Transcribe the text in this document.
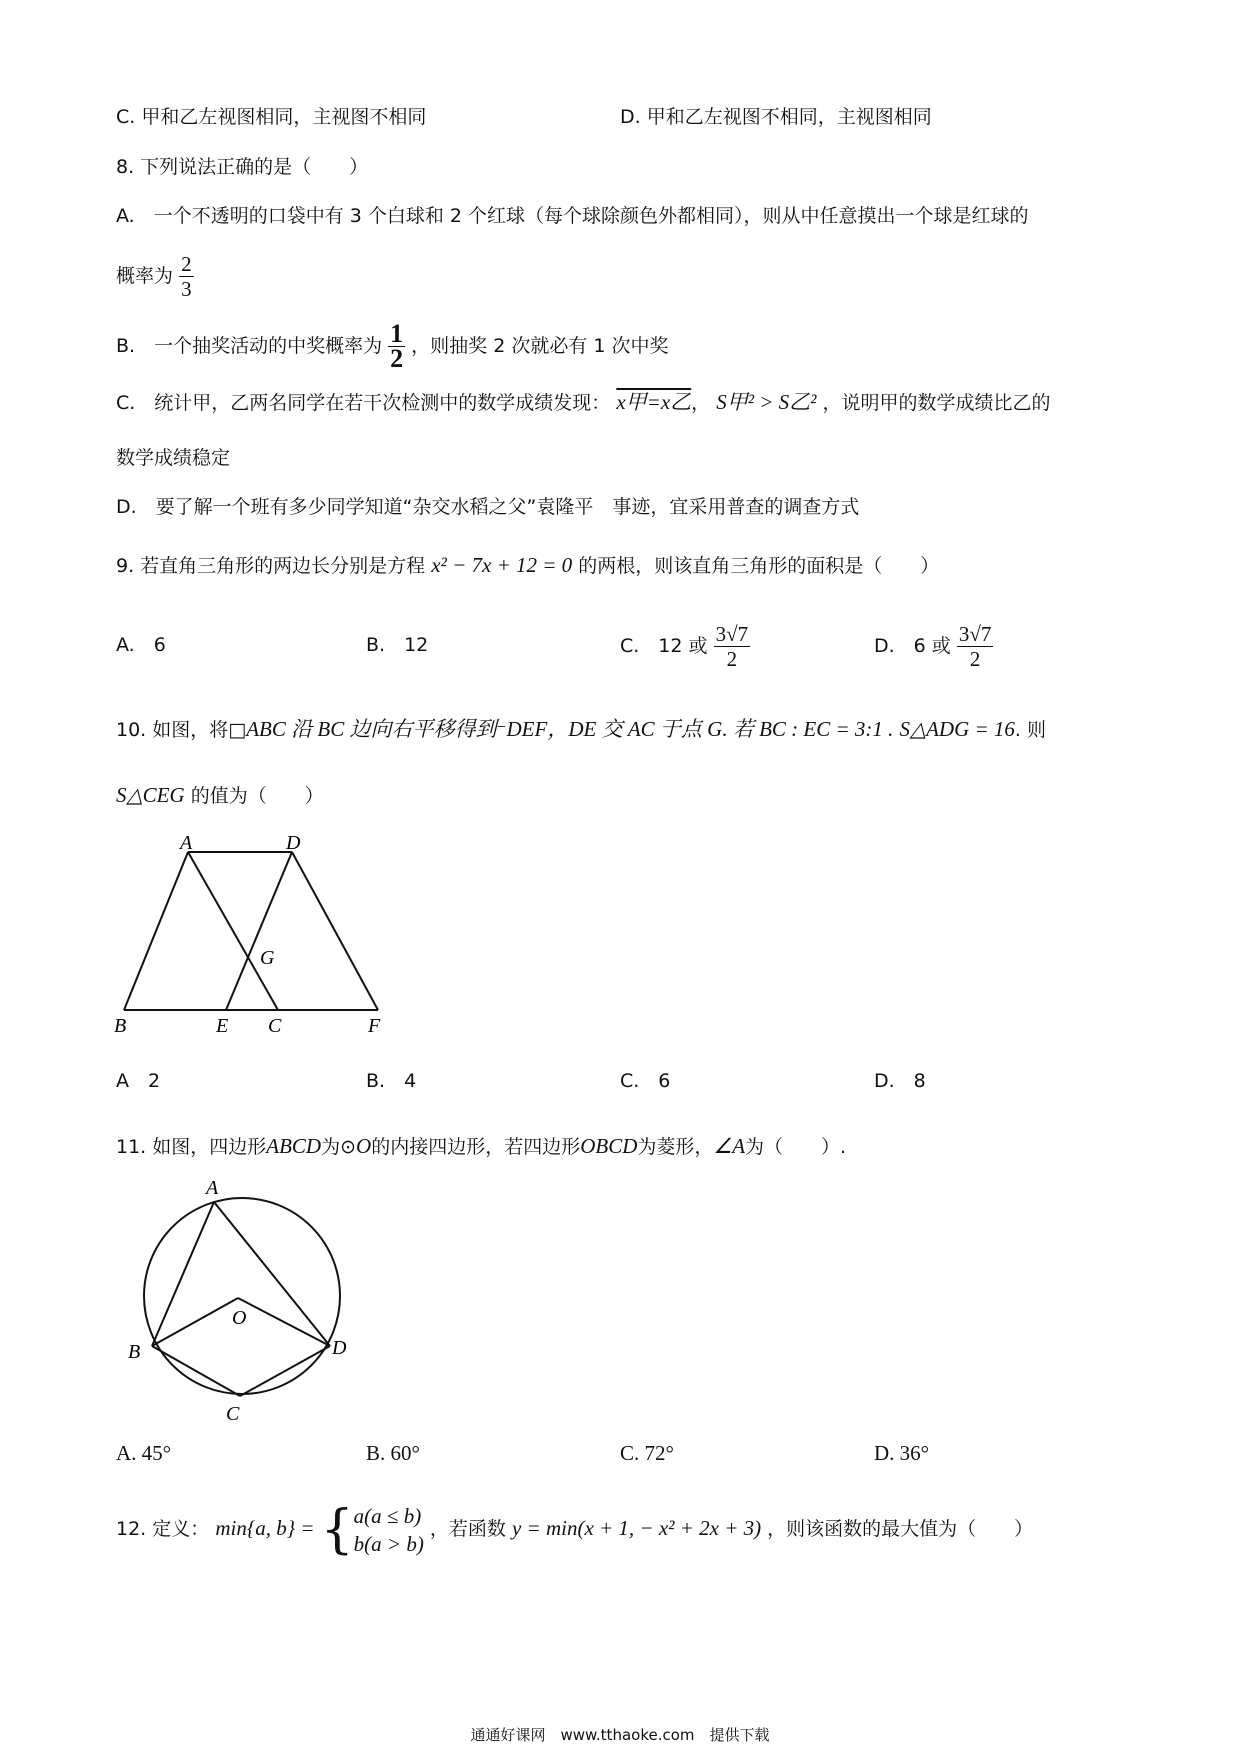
C. 甲和乙左视图相同，主视图不相同	D. 甲和乙左视图不相同，主视图相同
8. 下列说法正确的是（　　）
A.　一个不透明的口袋中有 3 个白球和 2 个红球（每个球除颜色外都相同），则从中任意摸出一个球是红球的
概率为 $\frac{2}{3}$
B.　一个抽奖活动的中奖概率为 $\frac{1}{2}$ ，则抽奖 2 次就必有 1 次中奖
C.　统计甲，乙两名同学在若干次检测中的数学成绩发现： x甲=x乙， S甲² > S乙² ，说明甲的数学成绩比乙的
数学成绩稳定
D.　要了解一个班有多少同学知道“杂交水稻之父”袁隆平　事迹，宜采用普查的调查方式
9. 若直角三角形的两边长分别是方程 x² − 7x + 12 = 0 的两根，则该直角三角形的面积是（　　）
A.　6	B.　12	C.　12 或 $\frac{3√7}{2}$	D.　6 或 $\frac{3√7}{2}$
10. 如图，将□ABC 沿 BC 边向右平移得到⁻DEF，DE 交 AC 于点 G. 若 BC : EC = 3:1 . S△ADG = 16. 则
S△CEG 的值为（　　）
A	D
G
B	E C	F
A　2	B.　4	C.　6	D.　8
11. 如图，四边形ABCD为⊙O的内接四边形，若四边形OBCD为菱形，∠A为（　　）.
A
O
B	D
C
A. 45°	B. 60°	C. 72°	D. 36°
12. 定义： min{a, b} = { a(a ≤ b)
b(a > b)
，若函数 y = min(x + 1, − x² + 2x + 3) ，则该函数的最大值为（　　）
通通好课网　www.tthaoke.com　提供下载
